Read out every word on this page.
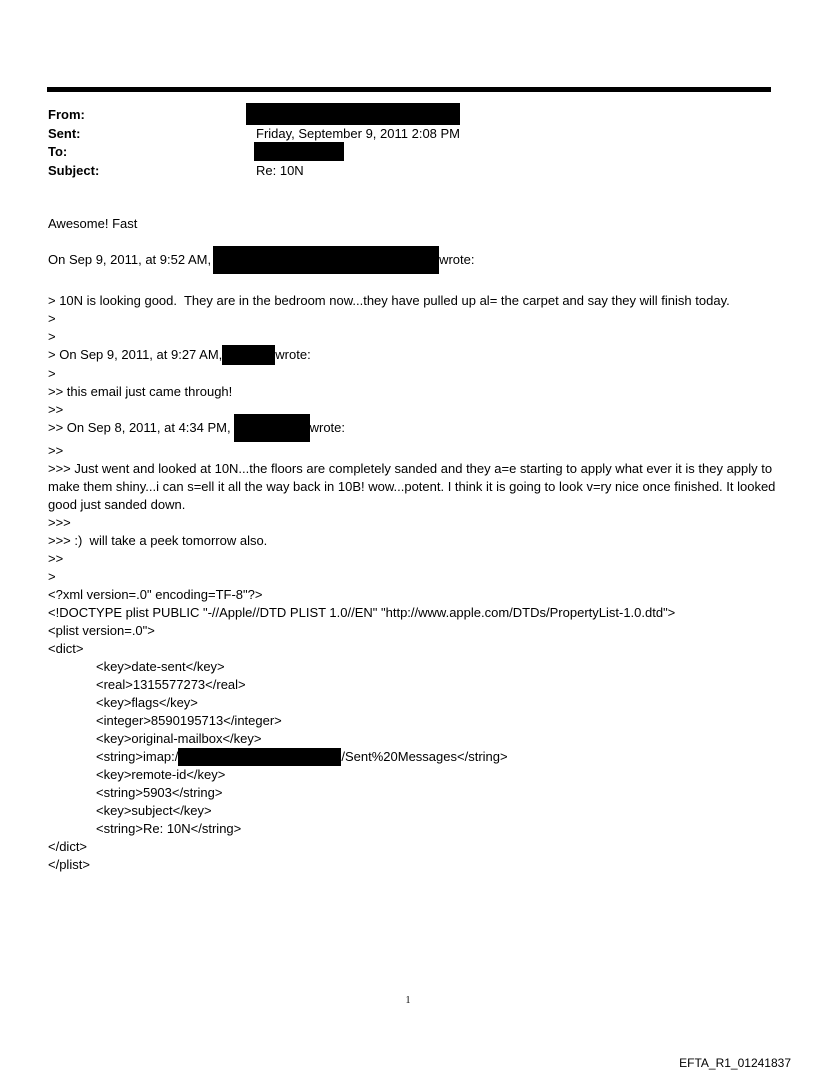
From:
Sent:	Friday, September 9, 2011 2:08 PM
To:
Subject:	Re: 10N
Awesome! Fast

On Sep 9, 2011, at 9:52 AM,	wrote:

> 10N is looking good.  They are in the bedroom now...they have pulled up al= the carpet and say they will finish today.
>
>
> On Sep 9, 2011, at 9:27 AM,	wrote:
>
>> this email just came through!
>>
>> On Sep 8, 2011, at 4:34 PM,	wrote:
>>
>>> Just went and looked at 10N...the floors are completely sanded and they a=e starting to apply what ever it is they apply to make them shiny...i can s=ell it all the way back in 10B! wow...potent. I think it is going to look v=ry nice once finished. It looked good just sanded down.
>>>
>>> :)  will take a peek tomorrow also.
>>
>
<?xml version=.0" encoding=TF-8"?>
<!DOCTYPE plist PUBLIC "-//Apple//DTD PLIST 1.0//EN" "http://www.apple.com/DTDs/PropertyList-1.0.dtd">
<plist version=.0">
<dict>
<key>date-sent</key>
<real>1315577273</real>
<key>flags</key>
<integer>8590195713</integer>
<key>original-mailbox</key>
<string>imap:/	/Sent%20Messages</string>
<key>remote-id</key>
<string>5903</string>
<key>subject</key>
<string>Re: 10N</string>
</dict>
</plist>
1
EFTA_R1_01241837
